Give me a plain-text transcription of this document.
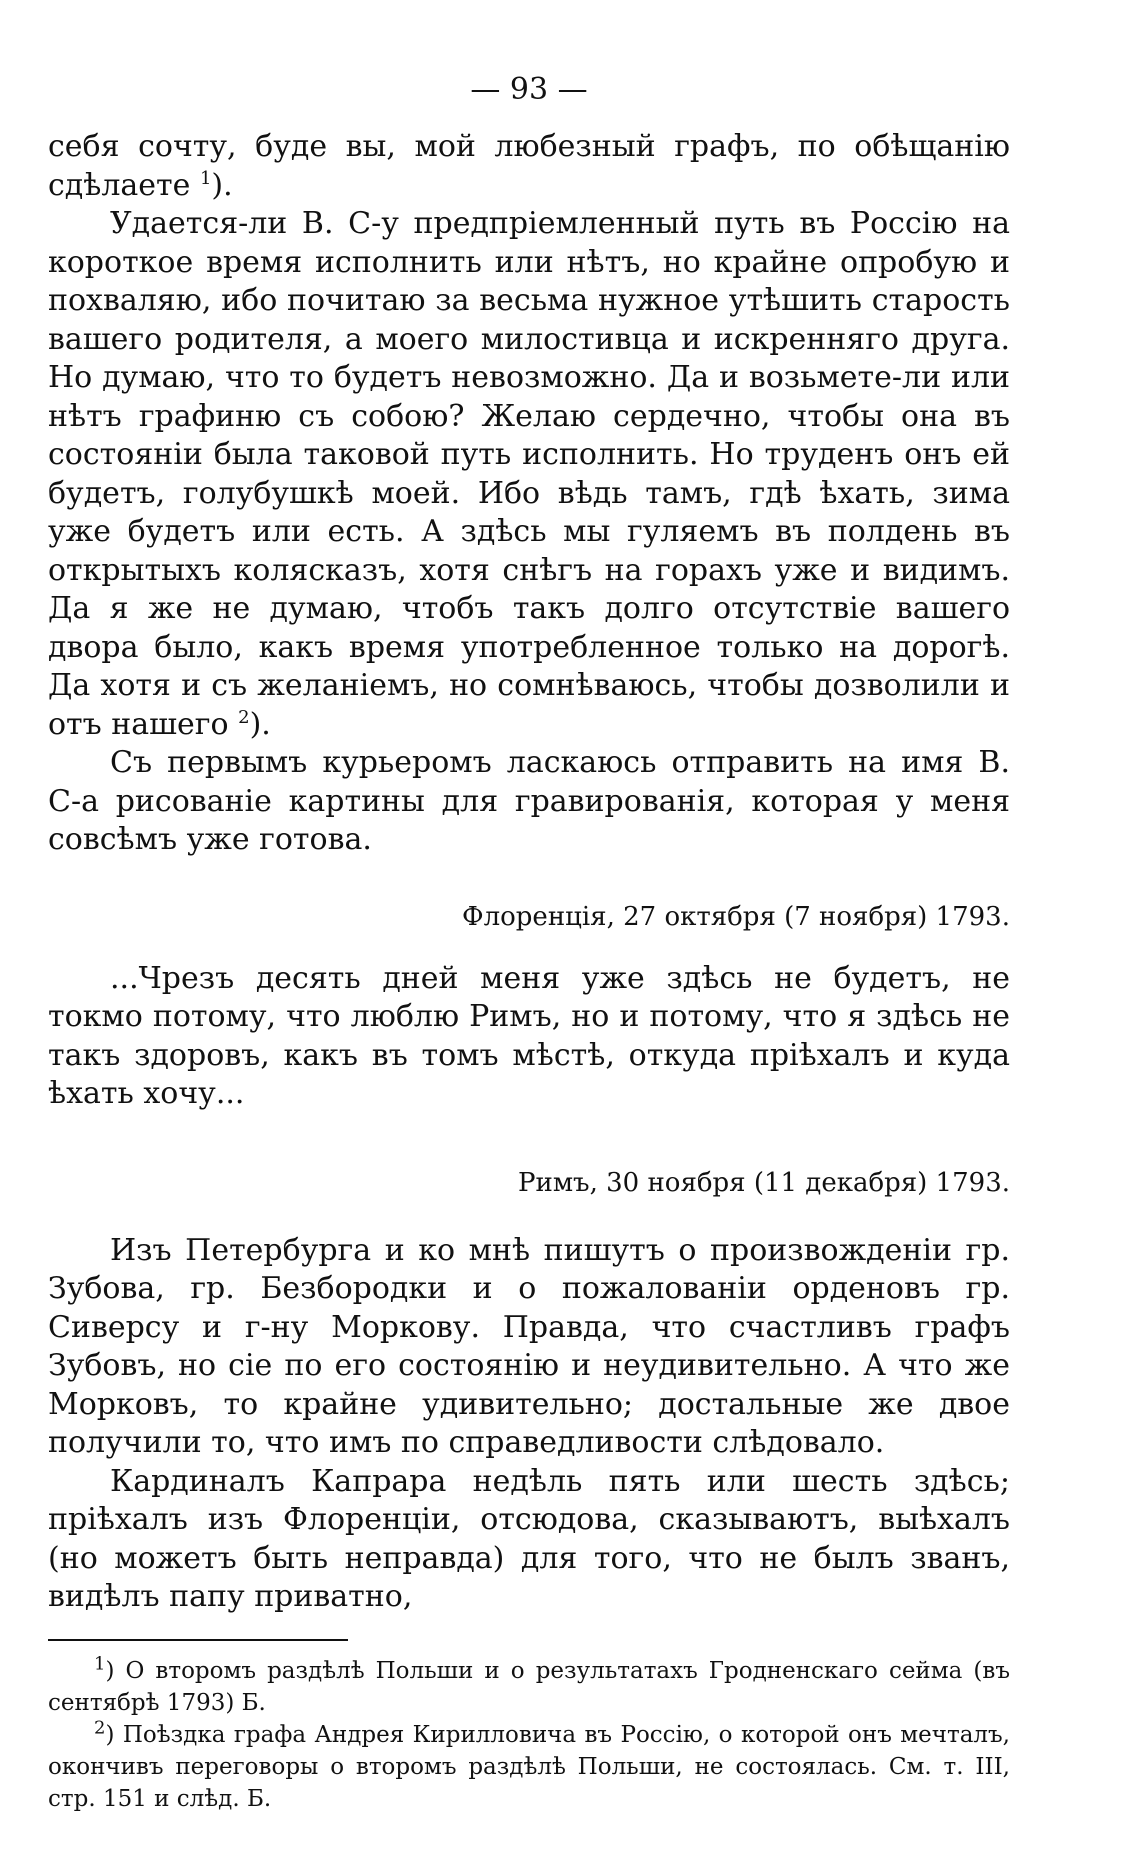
— 93 —

себя сочту, буде вы, мой любезный графъ, по обѣщанію сдѣлаете $^1$).

Удается-ли В. С-у предпріемленный путь въ Россію на короткое время исполнить или нѣтъ, но крайне опробую и похваляю, ибо почитаю за весьма нужное утѣшить старость вашего родителя, а моего милостивца и искренняго друга. Но думаю, что то будетъ невозможно. Да и возьмете-ли или нѣтъ графиню съ собою? Желаю сердечно, чтобы она въ состояніи была таковой путь исполнить. Но труденъ онъ ей будетъ, голубушкѣ моей. Ибо вѣдь тамъ, гдѣ ѣхать, зима уже будетъ или есть. А здѣсь мы гуляемъ въ полдень въ открытыхъ колясказъ, хотя снѣгъ на горахъ уже и видимъ. Да я же не думаю, чтобъ такъ долго отсутствіе вашего двора было, какъ время употребленное только на дорогѣ. Да хотя и съ желаніемъ, но сомнѣваюсь, чтобы дозволили и отъ нашего $^2$).

Съ первымъ курьеромъ ласкаюсь отправить на имя В. С-а рисованіе картины для гравированія, которая у меня совсѣмъ уже готова.

Флоренція, 27 октября (7 ноября) 1793.

...Чрезъ десять дней меня уже здѣсь не будетъ, не токмо потому, что люблю Римъ, но и потому, что я здѣсь не такъ здоровъ, какъ въ томъ мѣстѣ, откуда пріѣхалъ и куда ѣхать хочу...

Римъ, 30 ноября (11 декабря) 1793.

Изъ Петербурга и ко мнѣ пишутъ о произвожденіи гр. Зубова, гр. Безбородки и о пожалованіи орденовъ гр. Сиверсу и г-ну Моркову. Правда, что счастливъ графъ Зубовъ, но сіе по его состоянію и неудивительно. А что же Морковъ, то крайне удивительно; достальные же двое получили то, что имъ по справедливости слѣдовало.

Кардиналъ Капрара недѣль пять или шесть здѣсь; пріѣхалъ изъ Флоренціи, отсюдова, сказываютъ, выѣхалъ (но можетъ быть неправда) для того, что не былъ званъ, видѣлъ папу приватно,

$^1$) О второмъ раздѣлѣ Польши и о результатахъ Гродненскаго сейма (въ сентябрѣ 1793) Б.

$^2$) Поѣздка графа Андрея Кирилловича въ Россію, о которой онъ мечталъ, окончивъ переговоры о второмъ раздѣлѣ Польши, не состоялась. См. т. III, стр. 151 и слѣд. Б.
